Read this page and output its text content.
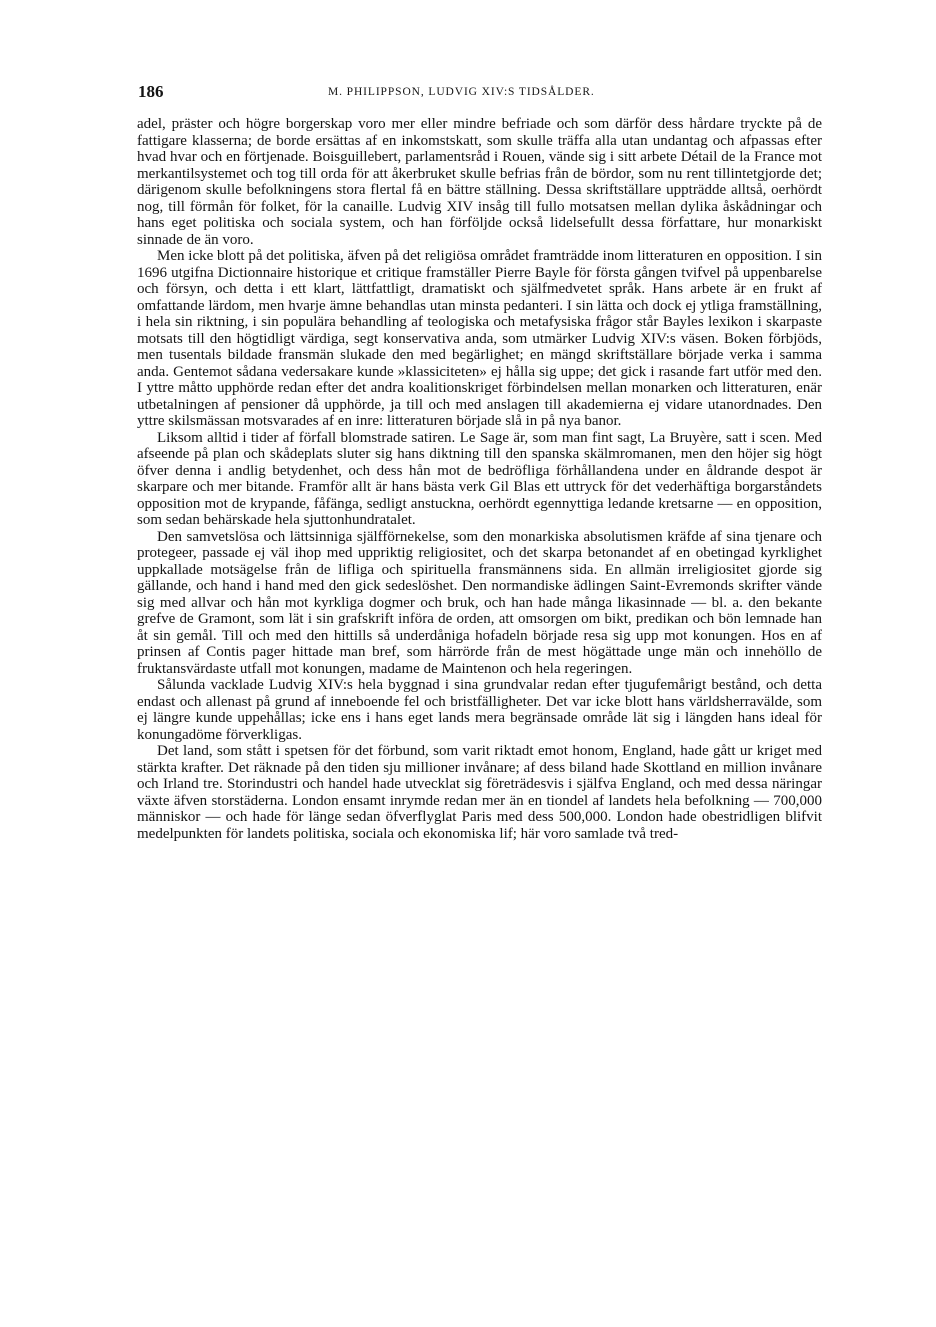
186	M. PHILIPPSON, LUDVIG XIV:S TIDSÅLDER.

adel, präster och högre borgerskap voro mer eller mindre befriade och som därför dess hårdare tryckte på de fattigare klasserna; de borde ersättas af en inkomstskatt, som skulle träffa alla utan undantag och afpassas efter hvad hvar och en förtjenade. Boisguillebert, parlamentsråd i Rouen, vände sig i sitt arbete Détail de la France mot merkantilsystemet och tog till orda för att åkerbruket skulle befrias från de bördor, som nu rent tillintetgjorde det; därigenom skulle befolkningens stora flertal få en bättre ställning. Dessa skriftställare uppträdde alltså, oerhördt nog, till förmån för folket, för la canaille. Ludvig XIV insåg till fullo motsatsen mellan dylika åskådningar och hans eget politiska och sociala system, och han förföljde också lidelsefullt dessa författare, hur monarkiskt sinnade de än voro.

Men icke blott på det politiska, äfven på det religiösa området framträdde inom litteraturen en opposition. I sin 1696 utgifna Dictionnaire historique et critique framställer Pierre Bayle för första gången tvifvel på uppenbarelse och försyn, och detta i ett klart, lättfattligt, dramatiskt och själfmedvetet språk. Hans arbete är en frukt af omfattande lärdom, men hvarje ämne behandlas utan minsta pedanteri. I sin lätta och dock ej ytliga framställning, i hela sin riktning, i sin populära behandling af teologiska och metafysiska frågor står Bayles lexikon i skarpaste motsats till den högtidligt värdiga, segt konservativa anda, som utmärker Ludvig XIV:s väsen. Boken förbjöds, men tusentals bildade fransmän slukade den med begärlighet; en mängd skriftställare började verka i samma anda. Gentemot sådana vedersakare kunde »klassiciteten» ej hålla sig uppe; det gick i rasande fart utför med den. I yttre måtto upphörde redan efter det andra koalitionskriget förbindelsen mellan monarken och litteraturen, enär utbetalningen af pensioner då upphörde, ja till och med anslagen till akademierna ej vidare utanordnades. Den yttre skilsmässan motsvarades af en inre: litteraturen började slå in på nya banor.

Liksom alltid i tider af förfall blomstrade satiren. Le Sage är, som man fint sagt, La Bruyère, satt i scen. Med afseende på plan och skådeplats sluter sig hans diktning till den spanska skälmromanen, men den höjer sig högt öfver denna i andlig betydenhet, och dess hån mot de bedröfliga förhållandena under en åldrande despot är skarpare och mer bitande. Framför allt är hans bästa verk Gil Blas ett uttryck för det vederhäftiga borgarståndets opposition mot de krypande, fåfänga, sedligt anstuckna, oerhördt egennyttiga ledande kretsarne — en opposition, som sedan behärskade hela sjuttonhundratalet.

Den samvetslösa och lättsinniga själfförnekelse, som den monarkiska absolutismen kräfde af sina tjenare och protegeer, passade ej väl ihop med uppriktig religiositet, och det skarpa betonandet af en obetingad kyrklighet uppkallade motsägelse från de lifliga och spirituella fransmännens sida. En allmän irreligiositet gjorde sig gällande, och hand i hand med den gick sedeslöshet. Den normandiske ädlingen Saint-Evremonds skrifter vände sig med allvar och hån mot kyrkliga dogmer och bruk, och han hade många likasinnade — bl. a. den bekante grefve de Gramont, som lät i sin grafskrift införa de orden, att omsorgen om bikt, predikan och bön lemnade han åt sin gemål. Till och med den hittills så underdåniga hofadeln började resa sig upp mot konungen. Hos en af prinsen af Contis pager hittade man bref, som härrörde från de mest högättade unge män och innehöllo de fruktansvärdaste utfall mot konungen, madame de Maintenon och hela regeringen.

Sålunda vacklade Ludvig XIV:s hela byggnad i sina grundvalar redan efter tjugufemårigt bestånd, och detta endast och allenast på grund af inneboende fel och bristfälligheter. Det var icke blott hans världsherravälde, som ej längre kunde uppehållas; icke ens i hans eget lands mera begränsade område lät sig i längden hans ideal för konungadöme förverkligas.

Det land, som stått i spetsen för det förbund, som varit riktadt emot honom, England, hade gått ur kriget med stärkta krafter. Det räknade på den tiden sju millioner invånare; af dess biland hade Skottland en million invånare och Irland tre. Storindustri och handel hade utvecklat sig företrädesvis i själfva England, och med dessa näringar växte äfven storstäderna. London ensamt inrymde redan mer än en tiondel af landets hela befolkning — 700,000 människor — och hade för länge sedan öfverflyglat Paris med dess 500,000. London hade obestridligen blifvit medelpunkten för landets politiska, sociala och ekonomiska lif; här voro samlade två tred-
